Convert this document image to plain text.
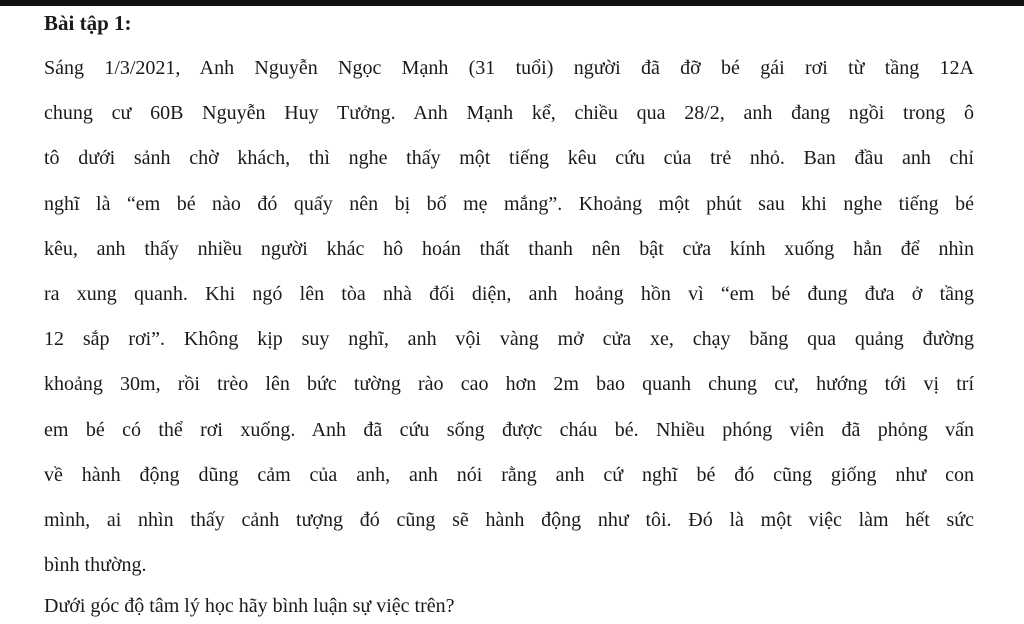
Bài tập 1:
Sáng 1/3/2021, Anh Nguyễn Ngọc Mạnh (31 tuổi) người đã đỡ bé gái rơi từ tầng 12A
chung cư 60B Nguyễn Huy Tưởng. Anh Mạnh kể, chiều qua 28/2, anh đang ngồi trong ô
tô dưới sảnh chờ khách, thì nghe thấy một tiếng kêu cứu của trẻ nhỏ. Ban đầu anh chỉ
nghĩ là “em bé nào đó quấy nên bị bố mẹ mắng”. Khoảng một phút sau khi nghe tiếng bé
kêu, anh thấy nhiều người khác hô hoán thất thanh nên bật cửa kính xuống hẳn để nhìn
ra xung quanh. Khi ngó lên tòa nhà đối diện, anh hoảng hồn vì “em bé đung đưa ở tầng
12 sắp rơi”. Không kịp suy nghĩ, anh vội vàng mở cửa xe, chạy băng qua quảng đường
khoảng 30m, rồi trèo lên bức tường rào cao hơn 2m bao quanh chung cư, hướng tới vị trí
em bé có thể rơi xuống. Anh đã cứu sống được cháu bé. Nhiều phóng viên đã phỏng vấn
về hành động dũng cảm của anh, anh nói rằng anh cứ nghĩ bé đó cũng giống như con
mình, ai nhìn thấy cảnh tượng đó cũng sẽ hành động như tôi. Đó là một việc làm hết sức
bình thường.
Dưới góc độ tâm lý học hãy bình luận sự việc trên?
